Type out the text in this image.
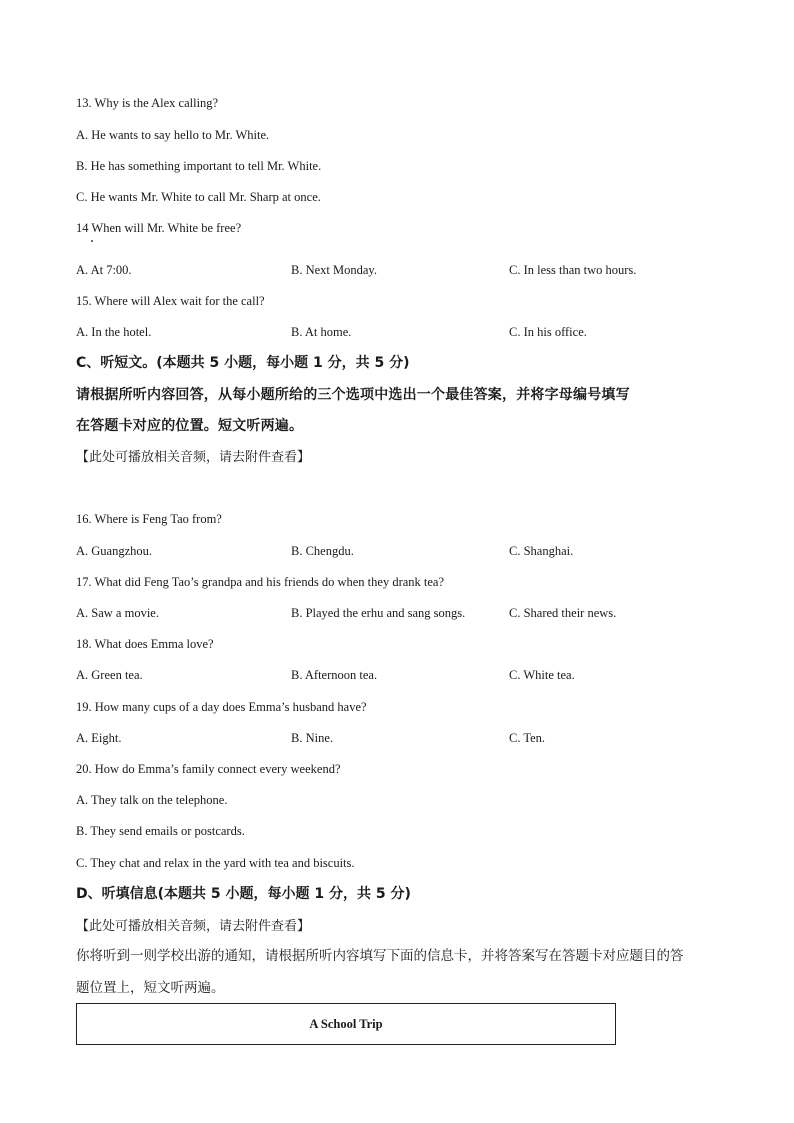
13. Why is the Alex calling?
A. He wants to say hello to Mr. White.
B. He has something important to tell Mr. White.
C. He wants Mr. White to call Mr. Sharp at once.
14 When will Mr. White be free?
A. At 7:00.	B. Next Monday.	C. In less than two hours.
15. Where will Alex wait for the call?
A. In the hotel.	B. At home.	C. In his office.
C、听短文。(本题共 5 小题，每小题 1 分，共 5 分)
请根据所听内容回答，从每小题所给的三个选项中选出一个最佳答案，并将字母编号填写
在答题卡对应的位置。短文听两遍。
【此处可播放相关音频，请去附件查看】
16. Where is Feng Tao from?
A. Guangzhou.	B. Chengdu.	C. Shanghai.
17. What did Feng Tao’s grandpa and his friends do when they drank tea?
A. Saw a movie.	B. Played the erhu and sang songs.	C. Shared their news.
18. What does Emma love?
A. Green tea.	B. Afternoon tea.	C. White tea.
19. How many cups of a day does Emma’s husband have?
A. Eight.	B. Nine.	C. Ten.
20. How do Emma’s family connect every weekend?
A. They talk on the telephone.
B. They send emails or postcards.
C. They chat and relax in the yard with tea and biscuits.
D、听填信息(本题共 5 小题，每小题 1 分，共 5 分)
【此处可播放相关音频，请去附件查看】
你将听到一则学校出游的通知，请根据所听内容填写下面的信息卡，并将答案写在答题卡对应题目的答
题位置上，短文听两遍。
A School Trip
